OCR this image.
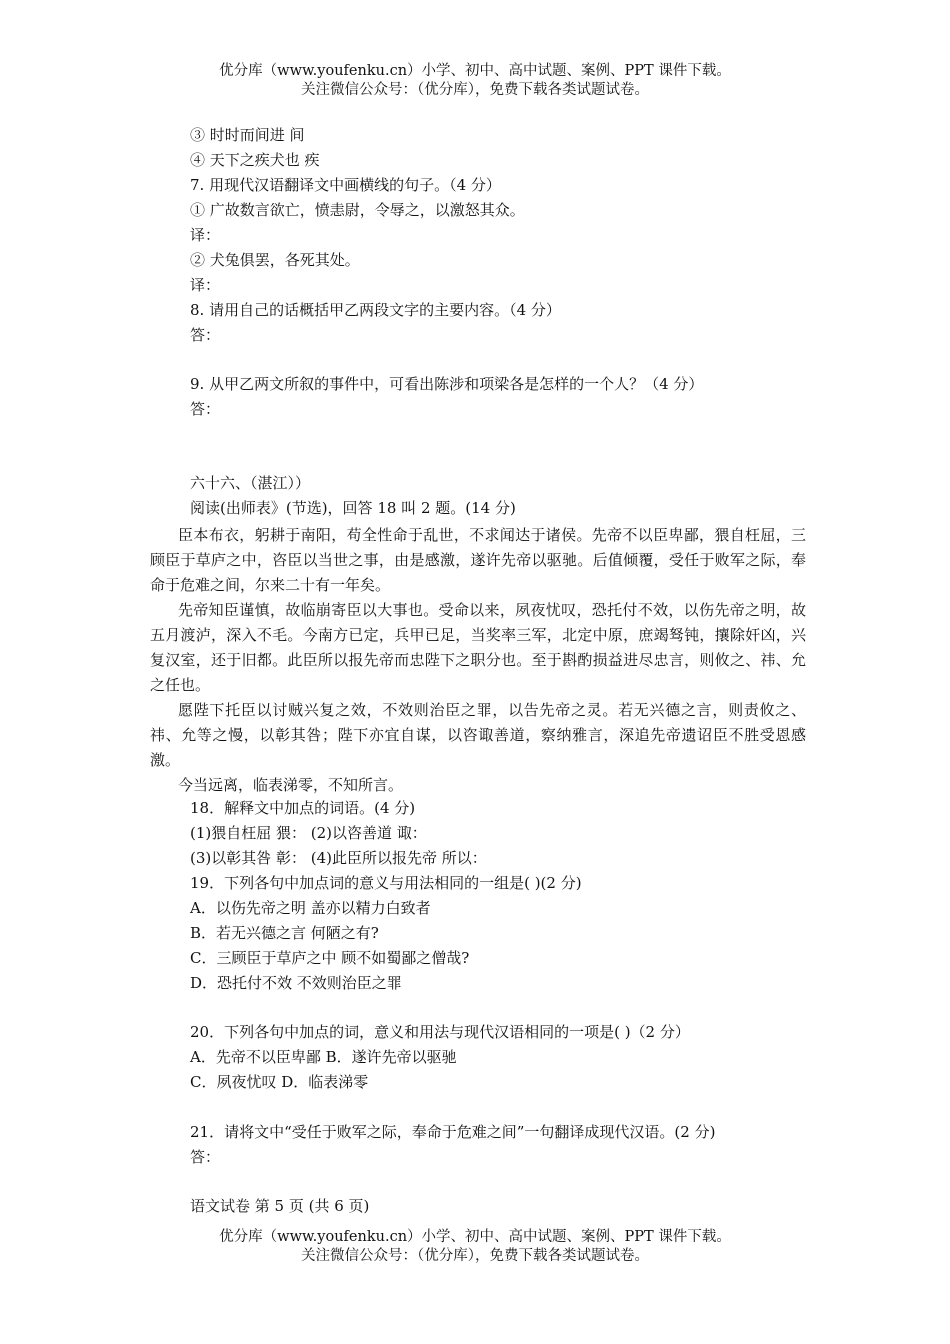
优分库（www.youfenku.cn）小学、初中、高中试题、案例、PPT 课件下载。
关注微信公众号：（优分库），免费下载各类试题试卷。
③ 时时而间进 间
④ 天下之疾犬也 疾
7. 用现代汉语翻译文中画横线的句子。（4 分）
① 广故数言欲亡，愤恚尉，令辱之，以激怒其众。
译：
② 犬兔俱罢，各死其处。
译：
8. 请用自己的话概括甲乙两段文字的主要内容。（4 分）
答：
9. 从甲乙两文所叙的事件中，可看出陈涉和项梁各是怎样的一个人？（4 分）
答：
六十六、（湛江））
阅读(出师表》(节选)，回答 18 叫 2 题。(14 分)
臣本布衣，躬耕于南阳，苟全性命于乱世，不求闻达于诸侯。先帝不以臣卑鄙，猥自枉屈，三顾臣于草庐之中，咨臣以当世之事，由是感激，遂许先帝以驱驰。后值倾覆，受任于败军之际，奉命于危难之间，尔来二十有一年矣。
先帝知臣谨慎，故临崩寄臣以大事也。受命以来，夙夜忧叹，恐托付不效，以伤先帝之明，故五月渡泸，深入不毛。今南方已定，兵甲已足，当奖率三军，北定中原，庶竭驽钝，攘除奸凶，兴复汉室，还于旧都。此臣所以报先帝而忠陛下之职分也。至于斟酌损益进尽忠言，则攸之、祎、允之任也。
愿陛下托臣以讨贼兴复之效，不效则治臣之罪，以告先帝之灵。若无兴德之言，则责攸之、祎、允等之慢，以彰其咎；陛下亦宜自谋，以咨诹善道，察纳雅言，深追先帝遗诏臣不胜受恩感激。
今当远离，临表涕零，不知所言。
18．解释文中加点的词语。(4 分)
(1)猥自枉屈 猥： (2)以咨善道 诹：
(3)以彰其咎 彰： (4)此臣所以报先帝 所以：
19．下列各句中加点词的意义与用法相同的一组是( )(2 分)
A．以伤先帝之明 盖亦以精力白致者
B．若无兴德之言 何陋之有?
C．三顾臣于草庐之中 顾不如蜀鄙之僧哉?
D．恐托付不效 不效则治臣之罪
20．下列各句中加点的词，意义和用法与现代汉语相同的一项是( )（2 分）
A．先帝不以臣卑鄙 B．遂许先帝以驱驰
C．夙夜忧叹 D．临表涕零
21．请将文中“受任于败军之际，奉命于危难之间”一句翻译成现代汉语。(2 分)
答：
语文试卷 第 5 页 (共 6 页)
优分库（www.youfenku.cn）小学、初中、高中试题、案例、PPT 课件下载。
关注微信公众号：（优分库），免费下载各类试题试卷。
